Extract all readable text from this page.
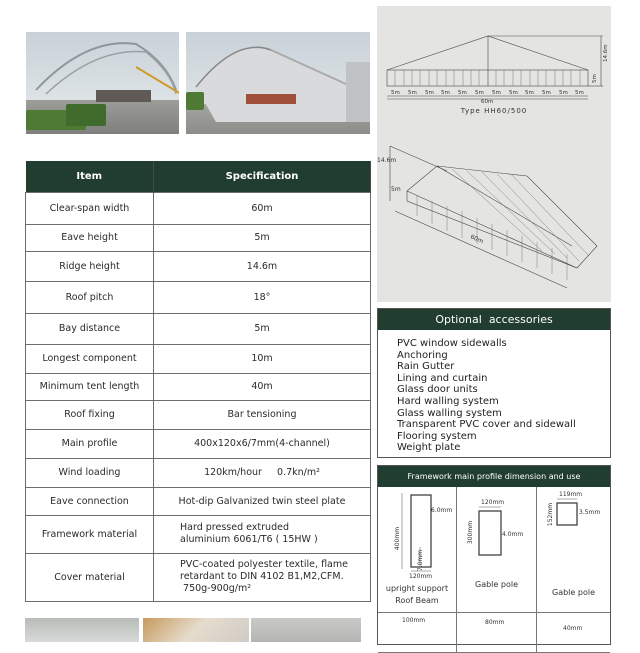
5m 5m 5m 5m 5m 5m 5m 5m 5m 5m 5m 5m
60m
14.6m
5m
14.6m
5m
60m
Type HH60/500
Item	Specification
Clear-span width	60m
Eave height	5m
Ridge height	14.6m
Roof pitch	18°
Bay distance	5m
Longest component	10m
Minimum tent length	40m
Roof fixing	Bar tensioning
Main profile	400x120x6/7mm(4-channel)
Wind loading	120km/hour     0.7kn/m²
Eave connection	Hot-dip Galvanized twin steel plate
Framework material	Hard pressed extruded
aluminium 6061/T6 ( 15HW )

Cover material	PVC-coated polyester textile, flame
retardant to DIN 4102 B1,M2,CFM.
750g-900g/m²
Optional  accessories
PVC window sidewalls
Anchoring
Rain Gutter
Lining and curtain
Glass door units
Hard walling system
Glass walling system
Transparent PVC cover and sidewall
Flooring system
Weight plate
Framework main profile dimension and use
6.0mm
400mm
7.0mm
120mm
upright support
Roof Beam
120mm
300mm	4.0mm
Gable pole
119mm
152mm	3.5mm
Gable pole
100mm	80mm
40mm
